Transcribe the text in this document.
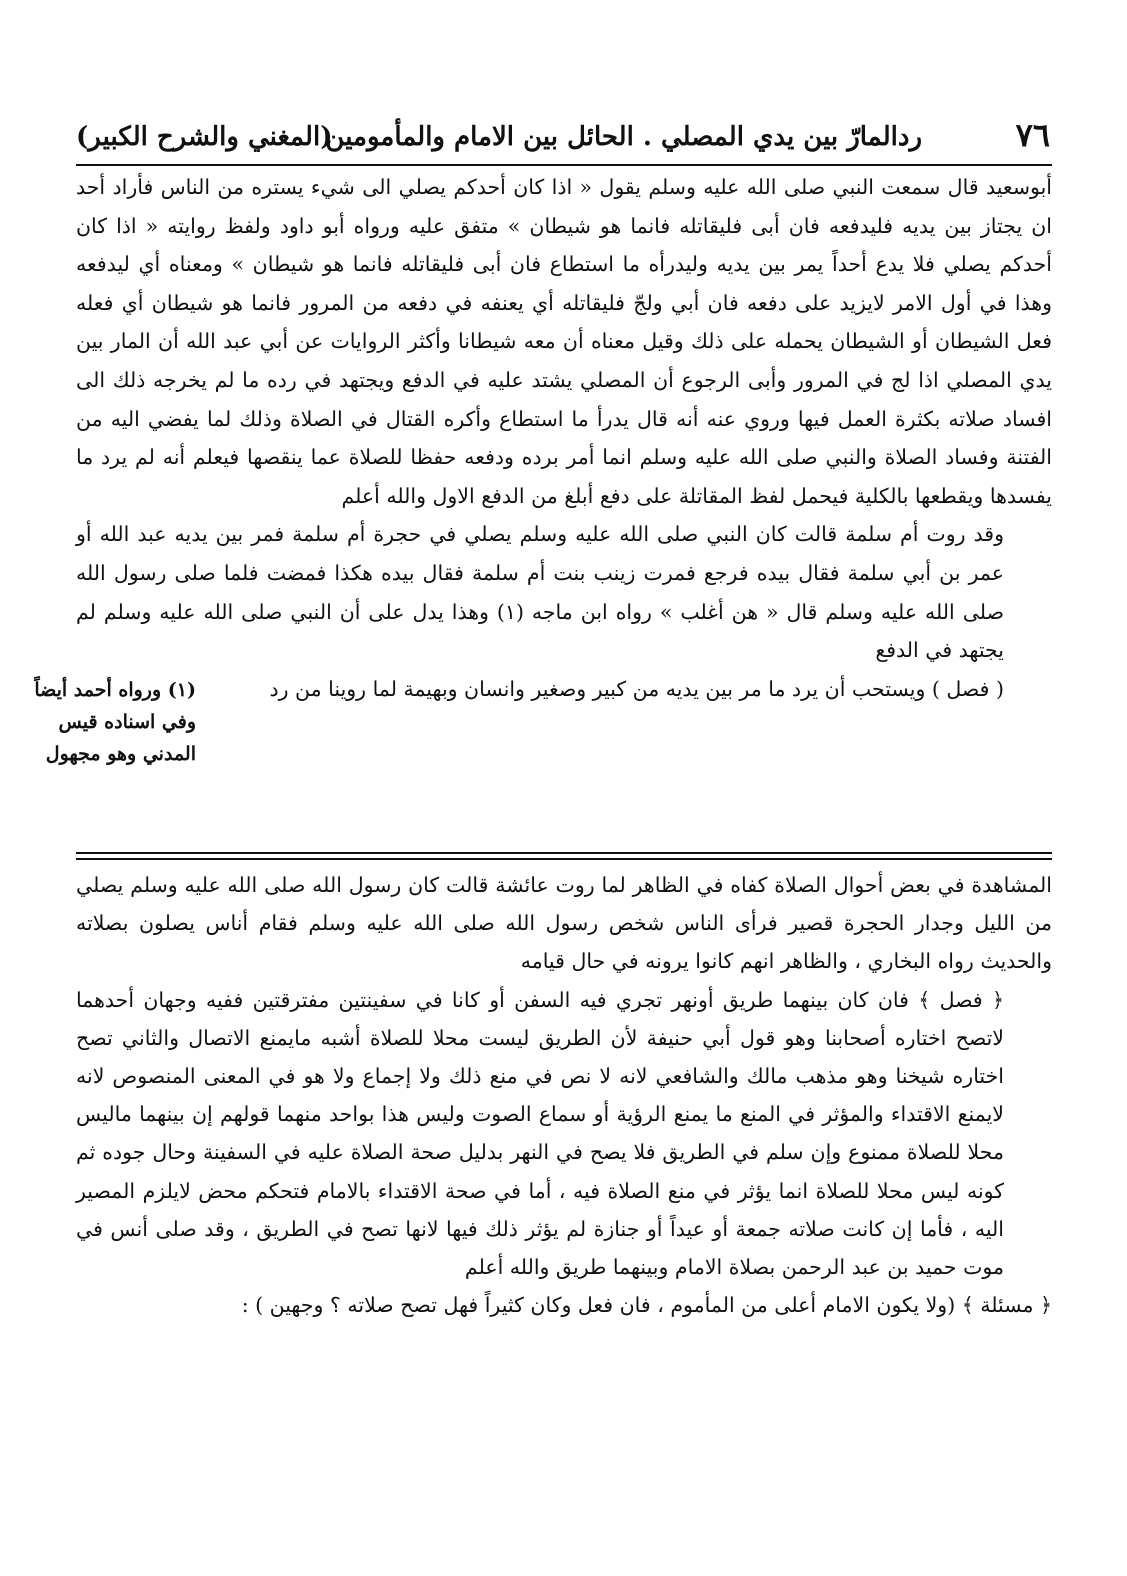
٧٦
ردالمارّ بين يدي المصلي . الحائل بين الامام والمأمومين
(المغني والشرح الكبير)

أبوسعيد قال سمعت النبي صلى الله عليه وسلم يقول « اذا كان أحدكم يصلي الى شيء يستره من الناس فأراد أحد ان يجتاز بين يديه فليدفعه فان أبى فليقاتله فانما هو شيطان » متفق عليه ورواه أبو داود ولفظ روايته « اذا كان أحدكم يصلي فلا يدع أحداً يمر بين يديه وليدرأه ما استطاع فان أبى فليقاتله فانما هو شيطان » ومعناه أي ليدفعه وهذا في أول الامر لايزيد على دفعه فان أبي ولجّ فليقاتله أي يعنفه في دفعه من المرور فانما هو شيطان أي فعله فعل الشيطان أو الشيطان يحمله على ذلك وقيل معناه أن معه شيطانا وأكثر الروايات عن أبي عبد الله أن المار بين يدي المصلي اذا لج في المرور وأبى الرجوع أن المصلي يشتد عليه في الدفع ويجتهد في رده ما لم يخرجه ذلك الى افساد صلاته بكثرة العمل فيها وروي عنه أنه قال يدرأ ما استطاع وأكره القتال في الصلاة وذلك لما يفضي اليه من الفتنة وفساد الصلاة والنبي صلى الله عليه وسلم انما أمر برده ودفعه حفظا للصلاة عما ينقصها فيعلم أنه لم يرد ما يفسدها ويقطعها بالكلية فيحمل لفظ المقاتلة على دفع أبلغ من الدفع الاول والله أعلم

وقد روت أم سلمة قالت كان النبي صلى الله عليه وسلم يصلي في حجرة أم سلمة فمر بين يديه عبد الله أو عمر بن أبي سلمة فقال بيده فرجع فمرت زينب بنت أم سلمة فقال بيده هكذا فمضت فلما صلى رسول الله صلى الله عليه وسلم قال « هن أغلب » رواه ابن ماجه (١) وهذا يدل على أن النبي صلى الله عليه وسلم لم يجتهد في الدفع

( فصل ) ويستحب أن يرد ما مر بين يديه من كبير وصغير وانسان وبهيمة لما روينا من رد

(١) ورواه أحمد أيضاً وفي اسناده قيس المدني وهو مجهول

المشاهدة في بعض أحوال الصلاة كفاه في الظاهر لما روت عائشة قالت كان رسول الله صلى الله عليه وسلم يصلي من الليل وجدار الحجرة قصير فرأى الناس شخص رسول الله صلى الله عليه وسلم فقام أناس يصلون بصلاته والحديث رواه البخاري ، والظاهر انهم كانوا يرونه في حال قيامه

﴿ فصل ﴾ فان كان بينهما طريق أونهر تجري فيه السفن أو كانا في سفينتين مفترقتين ففيه وجهان أحدهما لاتصح اختاره أصحابنا وهو قول أبي حنيفة لأن الطريق ليست محلا للصلاة أشبه مايمنع الاتصال والثاني تصح اختاره شيخنا وهو مذهب مالك والشافعي لانه لا نص في منع ذلك ولا إجماع ولا هو في المعنى المنصوص لانه لايمنع الاقتداء والمؤثر في المنع ما يمنع الرؤية أو سماع الصوت وليس هذا بواحد منهما قولهم إن بينهما ماليس محلا للصلاة ممنوع وإن سلم في الطريق فلا يصح في النهر بدليل صحة الصلاة عليه في السفينة وحال جوده ثم كونه ليس محلا للصلاة انما يؤثر في منع الصلاة فيه ، أما في صحة الاقتداء بالامام فتحكم محض لايلزم المصير اليه ، فأما إن كانت صلاته جمعة أو عيداً أو جنازة لم يؤثر ذلك فيها لانها تصح في الطريق ، وقد صلى أنس في موت حميد بن عبد الرحمن بصلاة الامام وبينهما طريق والله أعلم

﴿ مسئلة ﴾ (ولا يكون الامام أعلى من المأموم ، فان فعل وكان كثيراً فهل تصح صلاته ؟ وجهين ) :
